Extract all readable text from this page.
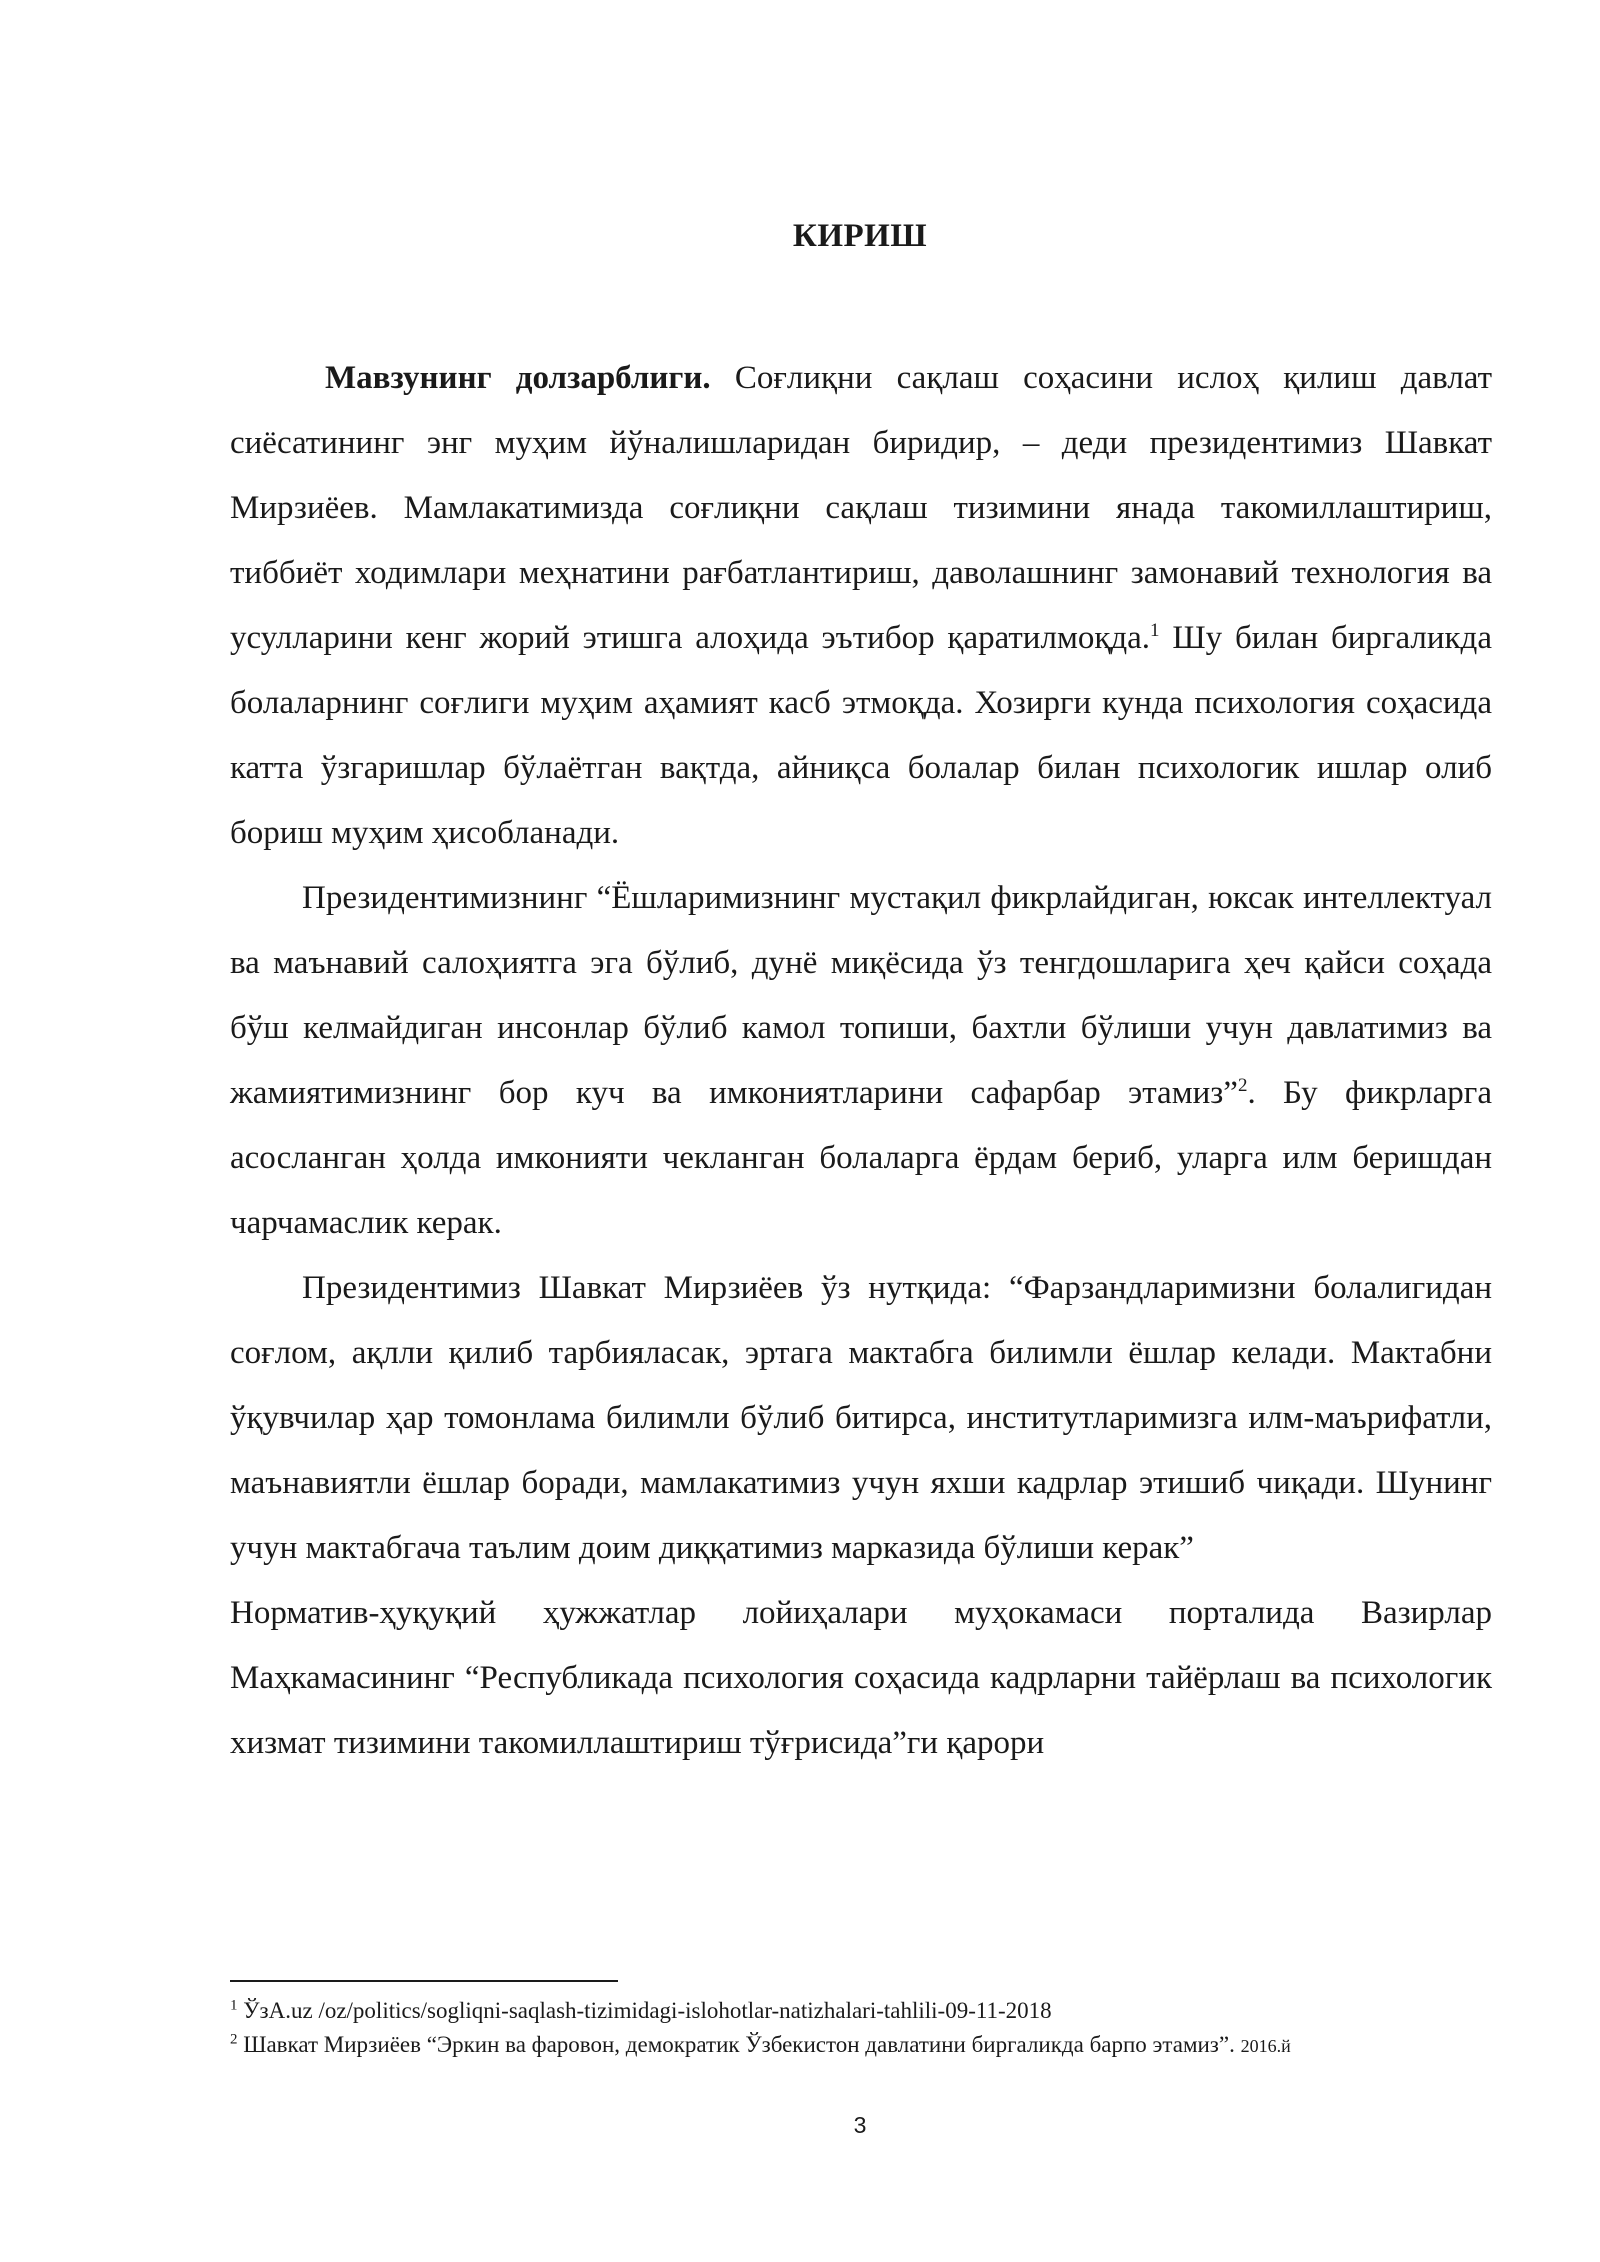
КИРИШ

Мавзунинг долзарблиги. Соғлиқни сақлаш соҳасини ислоҳ қилиш давлат сиёсатининг энг муҳим йўналишларидан биридир, – деди президентимиз Шавкат Мирзиёев. Мамлакатимизда соғлиқни сақлаш тизимини янада такомиллаштириш, тиббиёт ходимлари меҳнатини рағбатлантириш, даволашнинг замонавий технология ва усулларини кенг жорий этишга алоҳида эътибор қаратилмоқда.$^1$ Шу билан биргаликда болаларнинг соғлиги муҳим аҳамият касб этмоқда. Хозирги кунда психология соҳасида катта ўзгаришлар бўлаётган вақтда, айниқса болалар билан психологик ишлар олиб бориш муҳим ҳисобланади.

Президентимизнинг “Ёшларимизнинг мустақил фикрлайдиган, юксак интеллектуал ва маънавий салоҳиятга эга бўлиб, дунё миқёсида ўз тенгдошларига ҳеч қайси соҳада бўш келмайдиган инсонлар бўлиб камол топиши, бахтли бўлиши учун давлатимиз ва жамиятимизнинг бор куч ва имкониятларини сафарбар этамиз”$^2$. Бу фикрларга асосланган ҳолда имконияти чекланган болаларга ёрдам бериб, уларга илм беришдан чарчамаслик керак.

Президентимиз Шавкат Мирзиёев ўз нутқида: “Фарзандларимизни болалигидан соғлом, ақлли қилиб тарбияласак, эртага мактабга билимли ёшлар келади. Мактабни ўқувчилар ҳар томонлама билимли бўлиб битирса, институтларимизга илм-маърифатли, маънавиятли ёшлар боради, мамлакатимиз учун яхши кадрлар этишиб чиқади. Шунинг учун мактабгача таълим доим диққатимиз марказида бўлиши керак”

Норматив-ҳуқуқий ҳужжатлар лойиҳалари муҳокамаси порталида Вазирлар Маҳкамасининг “Республикада психология соҳасида кадрларни тайёрлаш ва психологик хизмат тизимини такомиллаштириш тўғрисида”ги қарори

$^1$ ЎзА.uz /oz/politics/sogliqni-saqlash-tizimidagi-islohotlar-natizhalari-tahlili-09-11-2018

$^2$ Шавкат Мирзиёев “Эркин ва фаровон, демократик Ўзбекистон давлатини биргаликда барпо этамиз”. 2016.й

3
